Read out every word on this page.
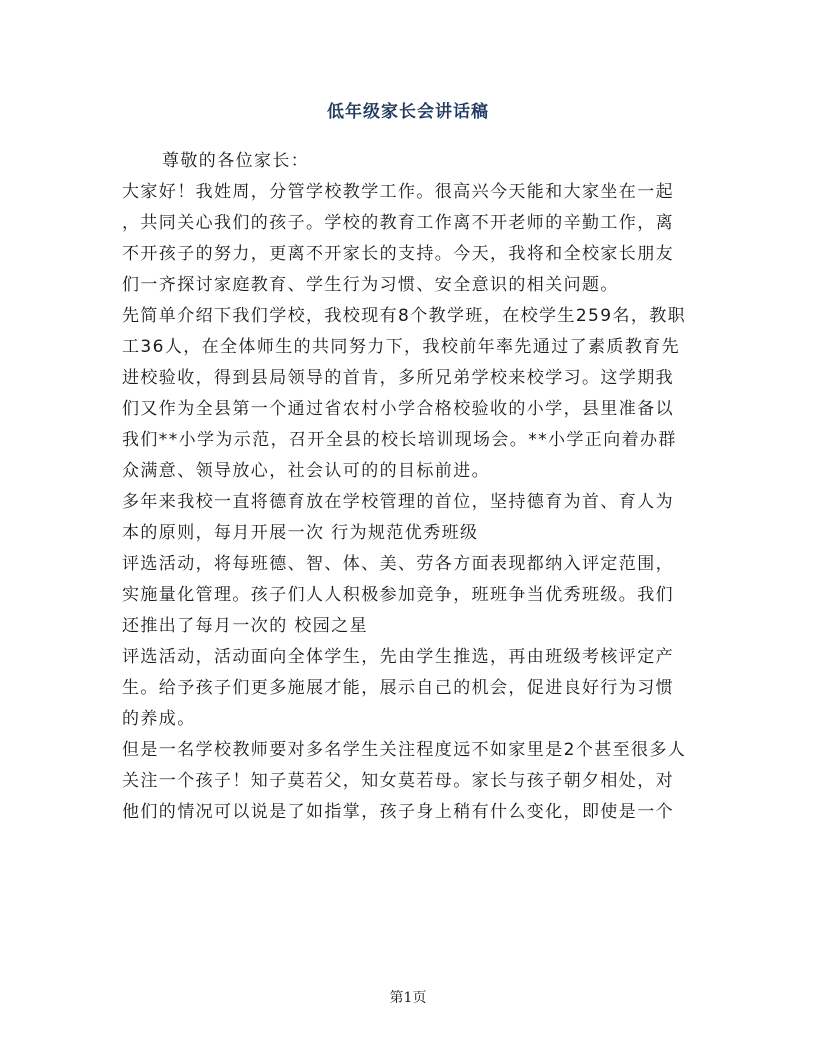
低年级家长会讲话稿
尊敬的各位家长：
大家好！我姓周，分管学校教学工作。很高兴今天能和大家坐在一起
，共同关心我们的孩子。学校的教育工作离不开老师的辛勤工作，离
不开孩子的努力，更离不开家长的支持。今天，我将和全校家长朋友
们一齐探讨家庭教育、学生行为习惯、安全意识的相关问题。
先简单介绍下我们学校，我校现有8个教学班，在校学生259名，教职
工36人，在全体师生的共同努力下，我校前年率先通过了素质教育先
进校验收，得到县局领导的首肯，多所兄弟学校来校学习。这学期我
们又作为全县第一个通过省农村小学合格校验收的小学，县里准备以
我们**小学为示范，召开全县的校长培训现场会。**小学正向着办群
众满意、领导放心，社会认可的的目标前进。
多年来我校一直将德育放在学校管理的首位，坚持德育为首、育人为
本的原则，每月开展一次 行为规范优秀班级
评选活动，将每班德、智、体、美、劳各方面表现都纳入评定范围，
实施量化管理。孩子们人人积极参加竞争，班班争当优秀班级。我们
还推出了每月一次的 校园之星
评选活动，活动面向全体学生，先由学生推选，再由班级考核评定产
生。给予孩子们更多施展才能，展示自己的机会，促进良好行为习惯
的养成。
但是一名学校教师要对多名学生关注程度远不如家里是2个甚至很多人
关注一个孩子！知子莫若父，知女莫若母。家长与孩子朝夕相处，对
他们的情况可以说是了如指掌，孩子身上稍有什么变化，即使是一个
第1页
